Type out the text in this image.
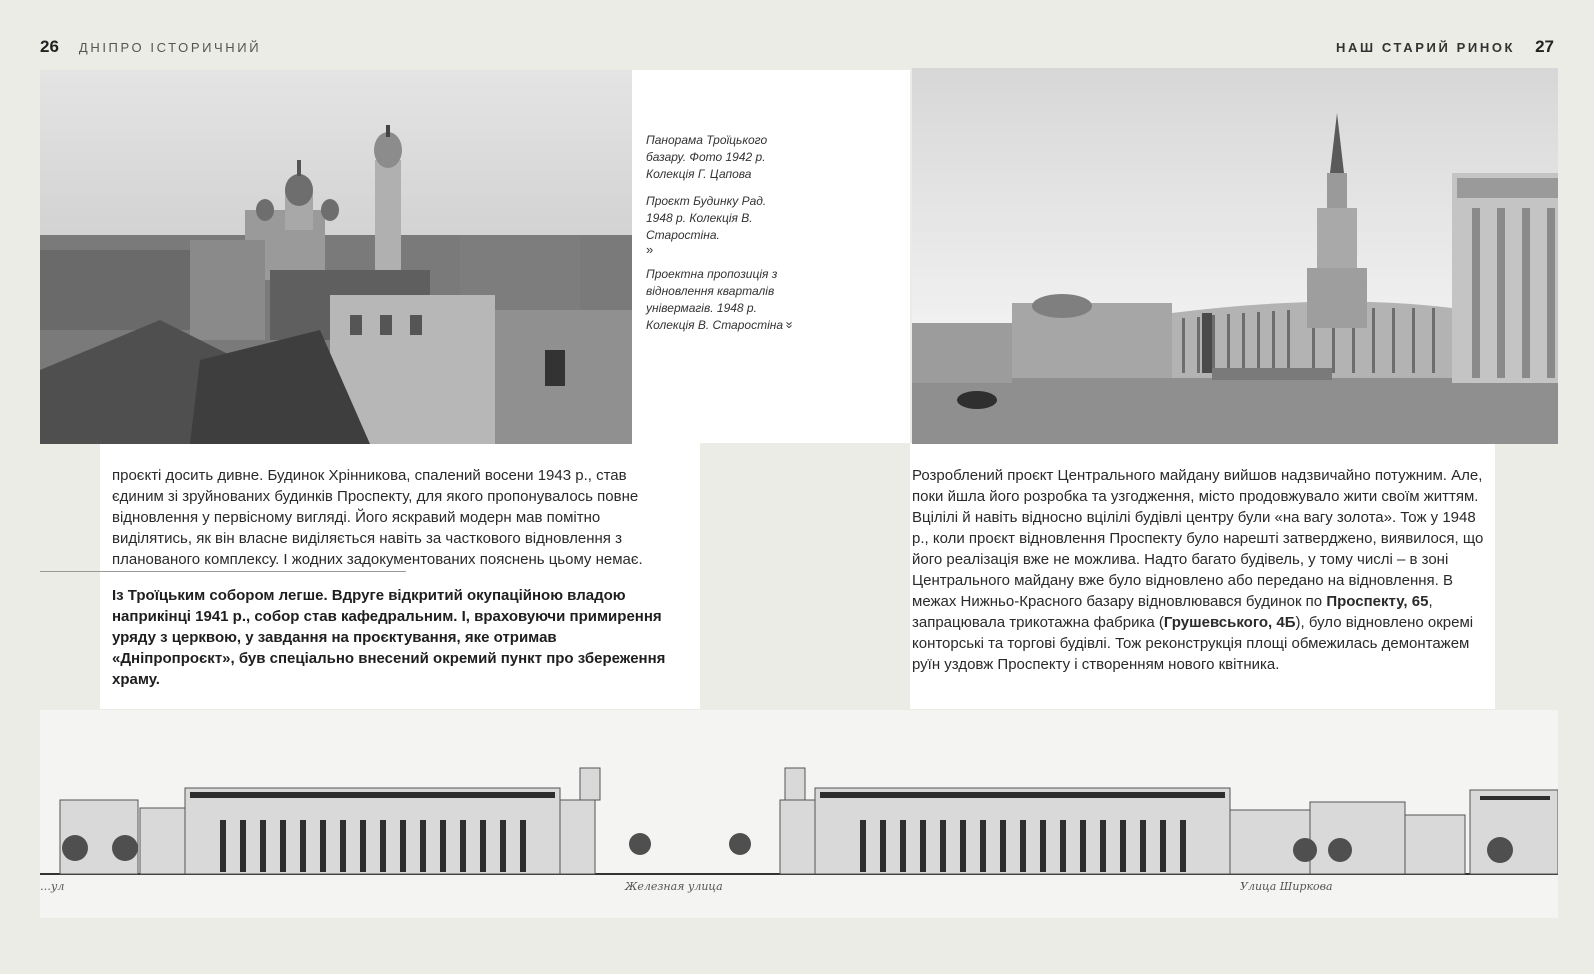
26 ДНІПРО ІСТОРИЧНИЙ	НАШ СТАРИЙ РИНОК 27

Панорама Троїцького базару. Фото 1942 р. Колекція Г. Цапова

Проєкт Будинку Рад. 1948 р. Колекція В. Старостіна.
»

Проектна пропозиція з відновлення кварталів універмагів. 1948 р. Колекція В. Старостіна »

проєкті досить дивне. Будинок Хрінникова, спалений восени 1943 р., став єдиним зі зруйнованих будинків Проспекту, для якого пропонувалось повне відновлення у первісному вигляді. Його яскравий модерн мав помітно виділятись, як він власне виділяється навіть за часткового відновлення з планованого комплексу. І жодних задокументованих пояснень цьому немає.

Із Троїцьким собором легше. Вдруге відкритий окупаційною владою наприкінці 1941 р., собор став кафедральним. І, враховуючи примирення уряду з церквою, у завдання на проєктування, яке отримав «Дніпропроєкт», був спеціально внесений окремий пункт про збереження храму.

Розроблений проєкт Центрального майдану вийшов надзвичайно потужним. Але, поки йшла його розробка та узгодження, місто продовжувало жити своїм життям. Вцілілі й навіть відносно вцілілі будівлі центру були «на вагу золота». Тож у 1948 р., коли проєкт відновлення Проспекту було нарешті затверджено, виявилося, що його реалізація вже не можлива. Надто багато будівель, у тому числі – в зоні Центрального майдану вже було відновлено або передано на відновлення. В межах Нижньо-Красного базару відновлювався будинок по Проспекту, 65, запрацювала трикотажна фабрика (Грушевського, 4Б), було відновлено окремі конторські та торгові будівлі. Тож реконструкція площі обмежилась демонтажем руїн уздовж Проспекту і створенням нового квітника.

…ул	Железная улица	Улица Ширкова
